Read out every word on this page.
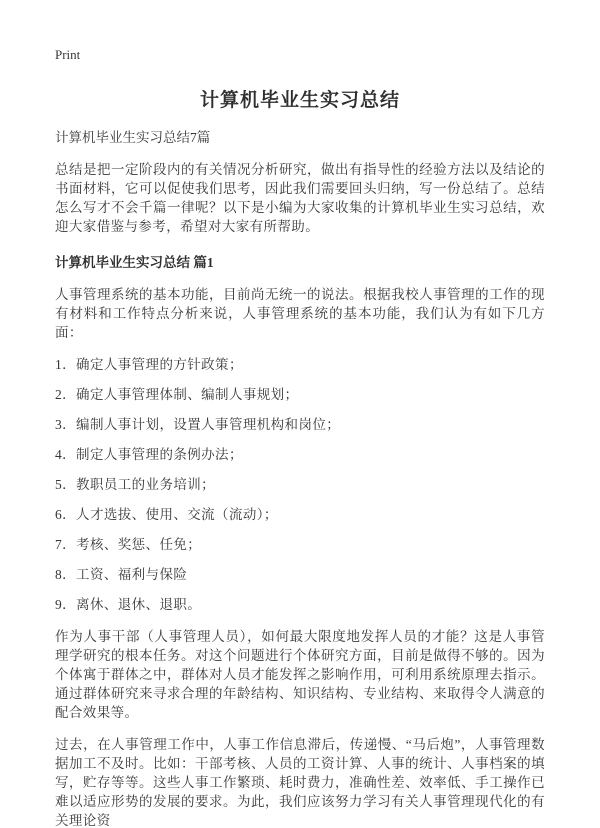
Print
计算机毕业生实习总结
计算机毕业生实习总结7篇

总结是把一定阶段内的有关情况分析研究，做出有指导性的经验方法以及结论的书面材料，它可以促使我们思考，因此我们需要回头归纳，写一份总结了。总结怎么写才不会千篇一律呢？以下是小编为大家收集的计算机毕业生实习总结，欢迎大家借鉴与参考，希望对大家有所帮助。

计算机毕业生实习总结 篇1

人事管理系统的基本功能，目前尚无统一的说法。根据我校人事管理的工作的现有材料和工作特点分析来说，人事管理系统的基本功能，我们认为有如下几方面：

1．确定人事管理的方针政策；
2．确定人事管理体制、编制人事规划；
3．编制人事计划，设置人事管理机构和岗位；
4．制定人事管理的条例办法；
5．教职员工的业务培训；
6．人才选拔、使用、交流（流动）；
7．考核、奖惩、任免；
8．工资、福利与保险
9．离休、退休、退职。

作为人事干部（人事管理人员），如何最大限度地发挥人员的才能？这是人事管理学研究的根本任务。对这个问题进行个体研究方面，目前是做得不够的。因为个体寓于群体之中，群体对人员才能发挥之影响作用，可利用系统原理去指示。通过群体研究来寻求合理的年龄结构、知识结构、专业结构、来取得令人满意的配合效果等。

过去，在人事管理工作中，人事工作信息滞后，传递慢、“马后炮”，人事管理数据加工不及时。比如：干部考核、人员的工资计算、人事的统计、人事档案的填写，贮存等等。这些人事工作繁琐、耗时费力，准确性差、效率低、手工操作已难以适应形势的发展的要求。为此，我们应该努力学习有关人事管理现代化的有关理论资
